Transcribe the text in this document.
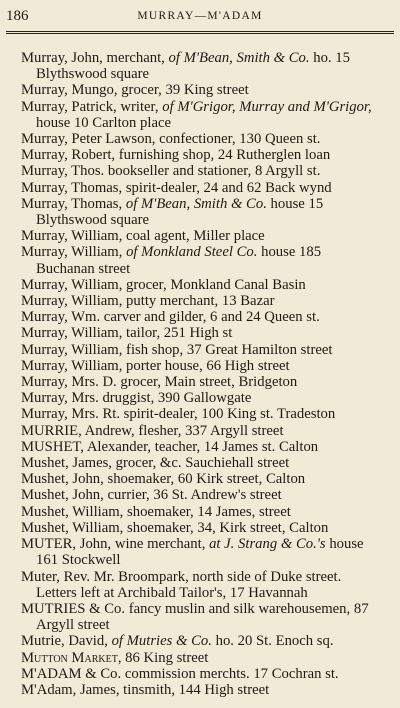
186	MURRAY—M'ADAM

Murray, John, merchant, of M'Bean, Smith & Co. ho. 15 Blythswood square

Murray, Mungo, grocer, 39 King street

Murray, Patrick, writer, of M'Grigor, Murray and M'Grigor, house 10 Carlton place

Murray, Peter Lawson, confectioner, 130 Queen st.

Murray, Robert, furnishing shop, 24 Rutherglen loan

Murray, Thos. bookseller and stationer, 8 Argyll st.

Murray, Thomas, spirit-dealer, 24 and 62 Back wynd

Murray, Thomas, of M'Bean, Smith & Co. house 15 Blythswood square

Murray, William, coal agent, Miller place

Murray, William, of Monkland Steel Co. house 185 Buchanan street

Murray, William, grocer, Monkland Canal Basin

Murray, William, putty merchant, 13 Bazar

Murray, Wm. carver and gilder, 6 and 24 Queen st.

Murray, William, tailor, 251 High st

Murray, William, fish shop, 37 Great Hamilton street

Murray, William, porter house, 66 High street

Murray, Mrs. D. grocer, Main street, Bridgeton

Murray, Mrs. druggist, 390 Gallowgate

Murray, Mrs. Rt. spirit-dealer, 100 King st. Tradeston

MURRIE, Andrew, flesher, 337 Argyll street

MUSHET, Alexander, teacher, 14 James st. Calton

Mushet, James, grocer, &c. Sauchiehall street

Mushet, John, shoemaker, 60 Kirk street, Calton

Mushet, John, currier, 36 St. Andrew's street

Mushet, William, shoemaker, 14 James, street

Mushet, William, shoemaker, 34, Kirk street, Calton

MUTER, John, wine merchant, at J. Strang & Co.'s house 161 Stockwell

Muter, Rev. Mr. Broompark, north side of Duke street. Letters left at Archibald Tailor's, 17 Havannah

MUTRIES & Co. fancy muslin and silk warehousemen, 87 Argyll street

Mutrie, David, of Mutries & Co. ho. 20 St. Enoch sq.

Mutton Market, 86 King street

M'ADAM & Co. commission merchts. 17 Cochran st.

M'Adam, James, tinsmith, 144 High street
